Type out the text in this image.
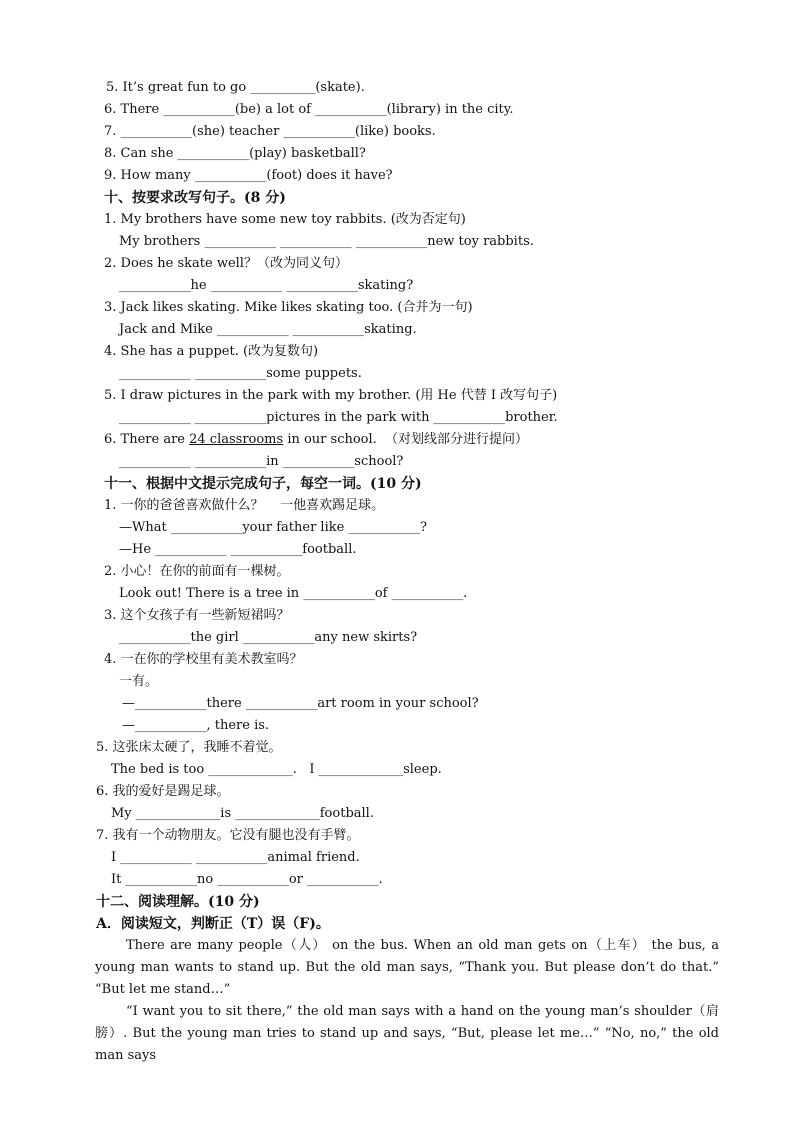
5. It’s great fun to go __________(skate).
6. There ___________(be) a lot of ___________(library) in the city.
7. ___________(she) teacher ___________(like) books.
8. Can she ___________(play) basketball?
9. How many ___________(foot) does it have?
十、按要求改写句子。(8 分)
1. My brothers have some new toy rabbits. (改为否定句)
My brothers ___________ ___________ ___________new toy rabbits.
2. Does he skate well？（改为同义句）
___________he ___________ ___________skating?
3. Jack likes skating. Mike likes skating too. (合并为一句)
Jack and Mike ___________ ___________skating.
4. She has a puppet. (改为复数句)
___________ ___________some puppets.
5. I draw pictures in the park with my brother. (用 He 代替 I 改写句子)
___________ ___________pictures in the park with ___________brother.
6. There are 24 classrooms in our school.  （对划线部分进行提问）
___________ ___________in ___________school?
十一、根据中文提示完成句子，每空一词。(10 分)
1. 一你的爸爸喜欢做什么？    一他喜欢踢足球。
—What ___________your father like ___________?
—He ___________ ___________football.
2. 小心！在你的前面有一棵树。
Look out! There is a tree in ___________of ___________.
3. 这个女孩子有一些新短裙吗？
___________the girl ___________any new skirts?
4. 一在你的学校里有美术教室吗？
一有。
—___________there ___________art room in your school?
—___________, there is.
5. 这张床太硬了，我睡不着觉。
The bed is too _____________.   I _____________sleep.
6. 我的爱好是踢足球。
My _____________is _____________football.
7. 我有一个动物朋友。它没有腿也没有手臂。
I ___________ ___________animal friend.
It ___________no ___________or ___________.
十二、阅读理解。(10 分)
A．阅读短文，判断正（T）误（F)。
There are many people（人） on the bus. When an old man gets on（上车） the bus, a young man wants to stand up. But the old man says, “Thank you. But please don’t do that.” “But let me stand…”
“I want you to sit there,” the old man says with a hand on the young man’s shoulder（肩膀）. But the young man tries to stand up and says, “But, please let me…” “No, no,” the old man says
